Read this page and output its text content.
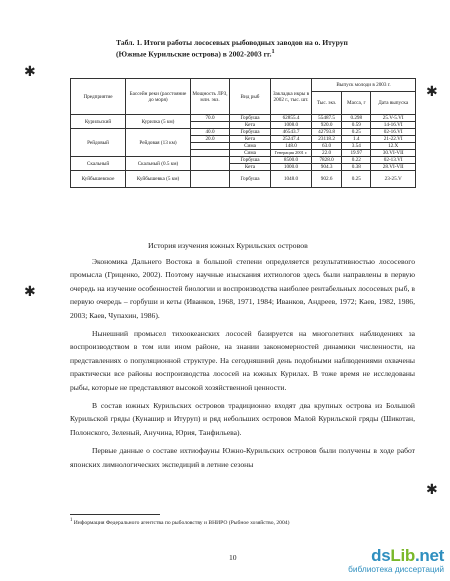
✱
✱
✱
✱
Табл. 1. Итоги работы лососевых рыбоводных заводов на о. Итуруп
(Южные Курильские острова) в 2002-2003 гг.$^1$
Предприятие	Бассейн реки (расстояние до моря)	Мощность ЛРЗ, млн. экз.	Вид рыб	Закладка икры в 2002 г., тыс. шт.	Выпуск молоди в 2003 г.		
					Тыс. экз.	Масса, г	Дата выпуска
Курильский	Курилка (5 км)	70.0	Горбуша	62855.4	55487.5	0.298	25.V-5.VI
			Кета	1008.0	920.0	0.59	14-16.VI
Рейдовый	Рейдовая (13 км)	40.0	Горбуша	46543.7	42793.8	0.25	02-16.VI
		20.0	Кета	25247.4	23118.2	1.4	21-22.VI
			Сима	148.0	63.0	3.54	12.X
			Сима	Генерация 2001 г.	22.0	19.97	30.VI-VII
Скальный	Скальный (0.5 км)		Горбуша	8500.0	7828.0	0.22	02-13.VI
			Кета	1000.0	904.3	0.38	28.VI-VII
Куйбышевское	Куйбышевка (5 км)		Горбуша	1048.0	902.6	0.25	23-25.V
История изучения южных Курильских островов

Экономика Дальнего Востока в большой степени определяется результативностью лососевого промысла (Гриценко, 2002). Поэтому научные изыскания ихтиологов здесь были направлены в первую очередь на изучение особенностей биологии и воспроизводства наиболее рентабельных лососевых рыб, в первую очередь – горбуши и кеты (Иванков, 1968, 1971, 1984; Иванков, Андреев, 1972; Каев, 1982, 1986, 2003; Каев, Чупахин, 1986).

Нынешний промысел тихоокеанских лососей базируется на многолетних наблюдениях за воспроизводством в том или ином районе, на знании закономерностей динамики численности, на представлениях о популяционной структуре. На сегодняшний день подобными наблюдениями охвачены практически все районы воспроизводства лососей на южных Курилах. В тоже время не исследованы рыбы, которые не представляют высокой хозяйственной ценности.

В состав южных Курильских островов традиционно входят два крупных острова из Большой Курильской гряды (Кунашир и Итуруп) и ряд небольших островов Малой Курильской гряды (Шикотан, Полонского, Зеленый, Анучина, Юрия, Танфильева).

Первые данные о составе ихтиофауны Южно-Курильских островов были получены в ходе работ японских лимнологических экспедиций в летние сезоны

$^1$ Информация Федерального агентства по рыболовству и ВНИРО (Рыбное хозяйство, 2004)
10	dsLib.net
библиотека диссертаций
